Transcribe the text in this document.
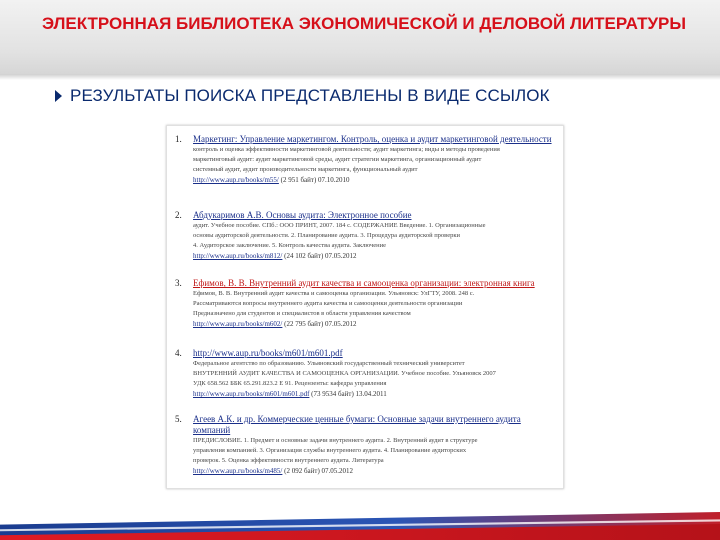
ЭЛЕКТРОННАЯ БИБЛИОТЕКА ЭКОНОМИЧЕСКОЙ И ДЕЛОВОЙ ЛИТЕРАТУРЫ
РЕЗУЛЬТАТЫ ПОИСКА ПРЕДСТАВЛЕНЫ В ВИДЕ ССЫЛОК
1. Маркетинг: Управление маркетингом. Контроль, оценка и аудит маркетинговой деятельности
контроль и оценка эффективности маркетинговой деятельности; аудит маркетинга; виды и методы проведения
маркетинговый аудит: аудит маркетинговой среды, аудит стратегии маркетинга, организационный аудит
системный аудит, аудит производительности маркетинга, функциональный аудит
http://www.aup.ru/books/m55/ (2 951 байт) 07.10.2010
2. Абдукаримов А.В. Основы аудита: Электронное пособие
аудит. Учебное пособие. СПб.: ООО ПРИНТ, 2007. 184 с. СОДЕРЖАНИЕ Введение. 1. Организационные
основы аудиторской деятельности. 2. Планирование аудита. 3. Процедура аудиторской проверки
4. Аудиторское заключение. 5. Контроль качества аудита. Заключение
http://www.aup.ru/books/m812/ (24 102 байт) 07.05.2012
3. Ефимов, В. В. Внутренний аудит качества и самооценка организации: электронная книга
Ефимов, В. В. Внутренний аудит качества и самооценка организации. Ульяновск: УлГТУ, 2008. 248 с.
Рассматриваются вопросы внутреннего аудита качества и самооценки деятельности организации
Предназначено для студентов и специалистов в области управления качеством
http://www.aup.ru/books/m602/ (22 795 байт) 07.05.2012
4. http://www.aup.ru/books/m601/m601.pdf
Федеральное агентство по образованию. Ульяновский государственный технический университет
ВНУТРЕННИЙ АУДИТ КАЧЕСТВА И САМООЦЕНКА ОРГАНИЗАЦИИ. Учебное пособие. Ульяновск 2007
УДК 658.562 ББК 65.291.823.2 Е 91. Рецензенты: кафедра управления
http://www.aup.ru/books/m601/m601.pdf (73 9534 байт) 13.04.2011
5. Агеев А.К. и др. Коммерческие ценные бумаги: Основные задачи внутреннего аудита компаний
ПРЕДИСЛОВИЕ. 1. Предмет и основные задачи внутреннего аудита. 2. Внутренний аудит в структуре
управления компанией. 3. Организация службы внутреннего аудита. 4. Планирование аудиторских
проверок. 5. Оценка эффективности внутреннего аудита. Литература
http://www.aup.ru/books/m485/ (2 092 байт) 07.05.2012
